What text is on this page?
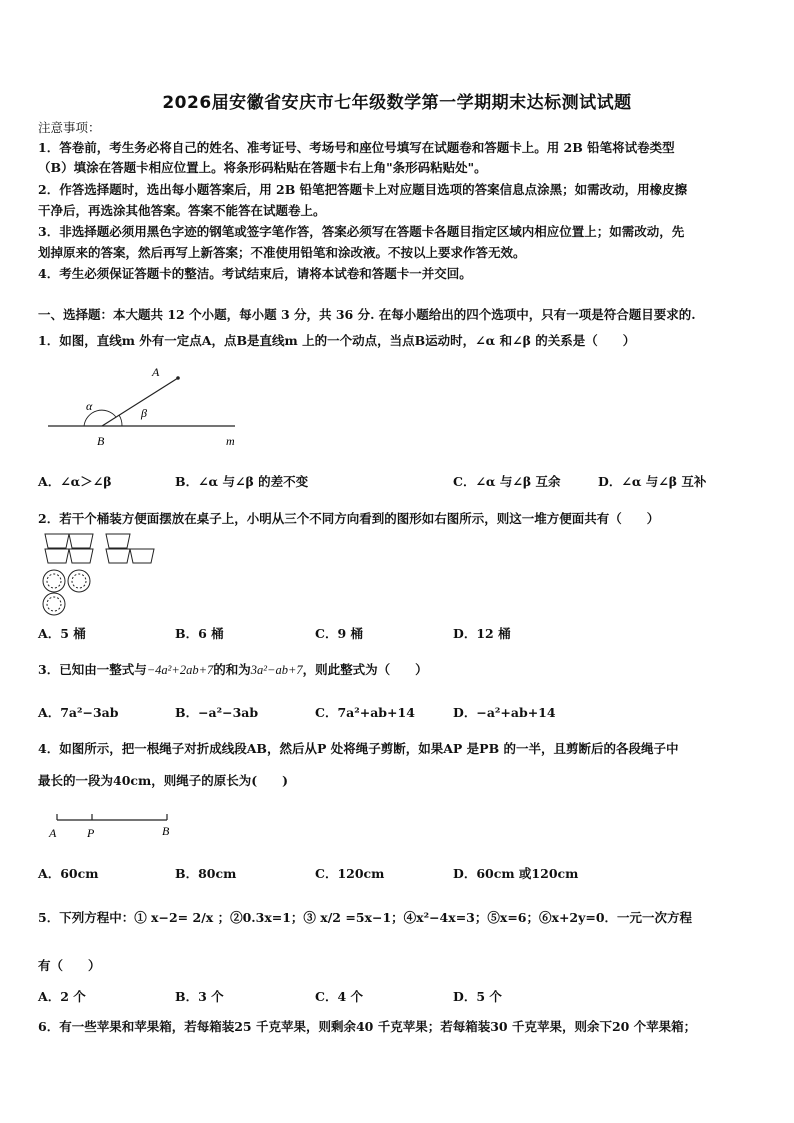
2026届安徽省安庆市七年级数学第一学期期末达标测试试题
注意事项：
1．答卷前，考生务必将自己的姓名、准考证号、考场号和座位号填写在试题卷和答题卡上。用 2B 铅笔将试卷类型
（B）填涂在答题卡相应位置上。将条形码粘贴在答题卡右上角"条形码粘贴处"。
2．作答选择题时，选出每小题答案后，用 2B 铅笔把答题卡上对应题目选项的答案信息点涂黑；如需改动，用橡皮擦
干净后，再选涂其他答案。答案不能答在试题卷上。
3．非选择题必须用黑色字迹的钢笔或签字笔作答，答案必须写在答题卡各题目指定区域内相应位置上；如需改动，先
划掉原来的答案，然后再写上新答案；不准使用铅笔和涂改液。不按以上要求作答无效。
4．考生必须保证答题卡的整洁。考试结束后，请将本试卷和答题卡一并交回。
一、选择题：本大题共 12 个小题，每小题 3 分，共 36 分. 在每小题给出的四个选项中，只有一项是符合题目要求的.
1．如图，直线m 外有一定点A，点B是直线m 上的一个动点，当点B运动时，∠α 和∠β 的关系是（　　）
A
B	m
α	β
A．∠α＞∠β	B．∠α 与∠β 的差不变	C．∠α 与∠β 互余	D．∠α 与∠β 互补
2．若干个桶装方便面摆放在桌子上，小明从三个不同方向看到的图形如右图所示，则这一堆方便面共有（　　）
A．5 桶	B．6 桶	C．9 桶	D．12 桶
3．已知由一整式与−4a²+2ab+7的和为3a²−ab+7，则此整式为（　　）
A．7a²−3ab	B．−a²−3ab	C．7a²+ab+14	D．−a²+ab+14
4．如图所示，把一根绳子对折成线段AB，然后从P 处将绳子剪断，如果AP 是PB 的一半，且剪断后的各段绳子中
最长的一段为40cm，则绳子的原长为(　　)
A	P	B
A．60cm	B．80cm	C．120cm	D．60cm 或120cm
5．下列方程中：① x−2= 2/x ；②0.3x=1；③ x/2 =5x−1；④x²−4x=3；⑤x=6；⑥x+2y=0．一元一次方程
有（　　）
A．2 个	B．3 个	C．4 个	D．5 个
6．有一些苹果和苹果箱，若每箱装25 千克苹果，则剩余40 千克苹果；若每箱装30 千克苹果，则余下20 个苹果箱；
